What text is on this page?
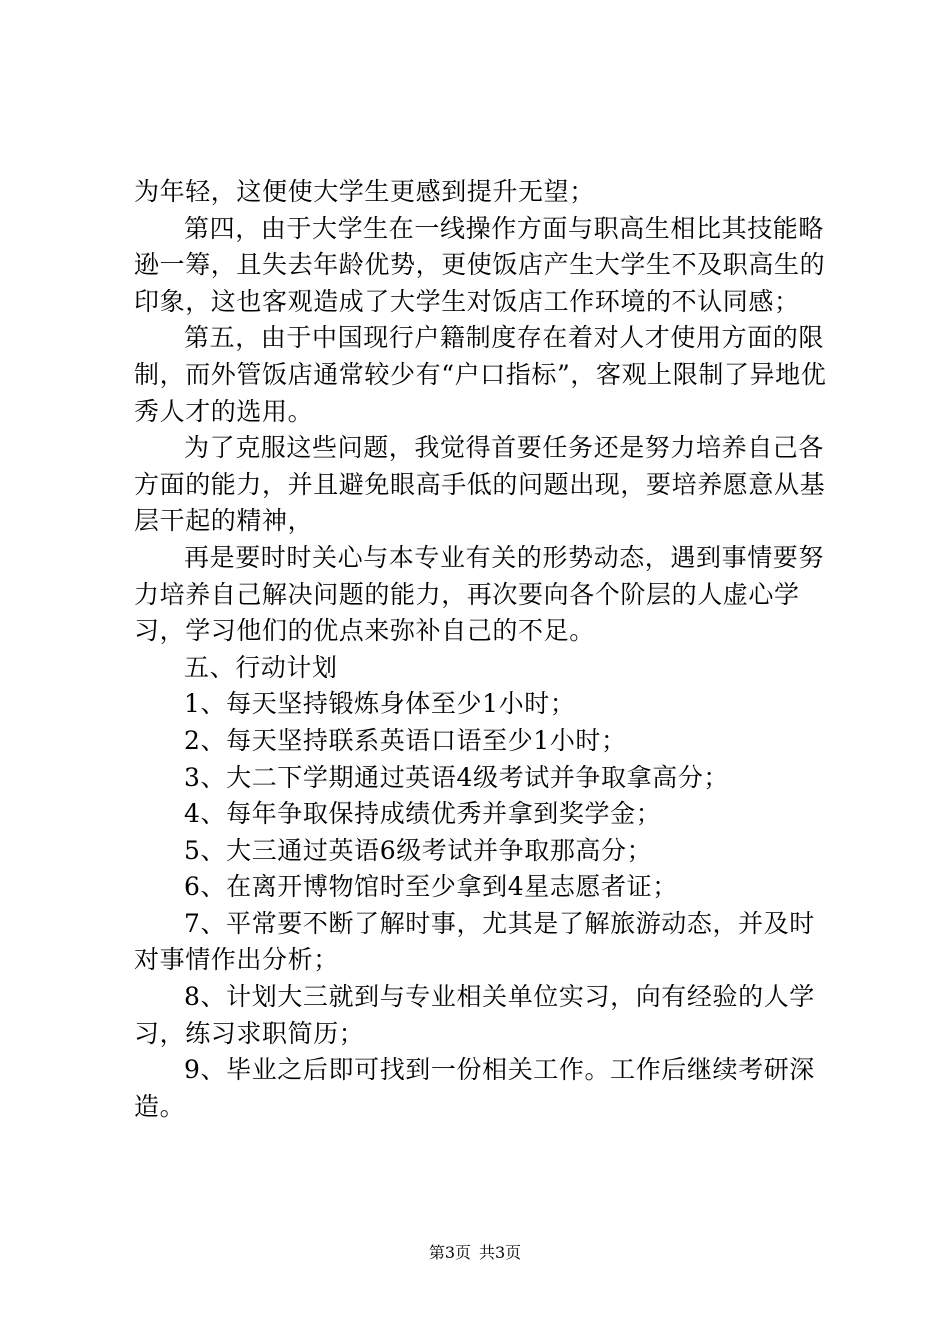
为年轻，这便使大学生更感到提升无望；

第四，由于大学生在一线操作方面与职高生相比其技能略逊一筹，且失去年龄优势，更使饭店产生大学生不及职高生的印象，这也客观造成了大学生对饭店工作环境的不认同感；

第五，由于中国现行户籍制度存在着对人才使用方面的限制，而外管饭店通常较少有“户口指标”，客观上限制了异地优秀人才的选用。

为了克服这些问题，我觉得首要任务还是努力培养自己各方面的能力，并且避免眼高手低的问题出现，要培养愿意从基层干起的精神，

再是要时时关心与本专业有关的形势动态，遇到事情要努力培养自己解决问题的能力，再次要向各个阶层的人虚心学习，学习他们的优点来弥补自己的不足。

五、行动计划

1、每天坚持锻炼身体至少1小时；

2、每天坚持联系英语口语至少1小时；

3、大二下学期通过英语4级考试并争取拿高分；

4、每年争取保持成绩优秀并拿到奖学金；

5、大三通过英语6级考试并争取那高分；

6、在离开博物馆时至少拿到4星志愿者证；

7、平常要不断了解时事，尤其是了解旅游动态，并及时对事情作出分析；

8、计划大三就到与专业相关单位实习，向有经验的人学习，练习求职简历；

9、毕业之后即可找到一份相关工作。工作后继续考研深造。

第3页 共3页
